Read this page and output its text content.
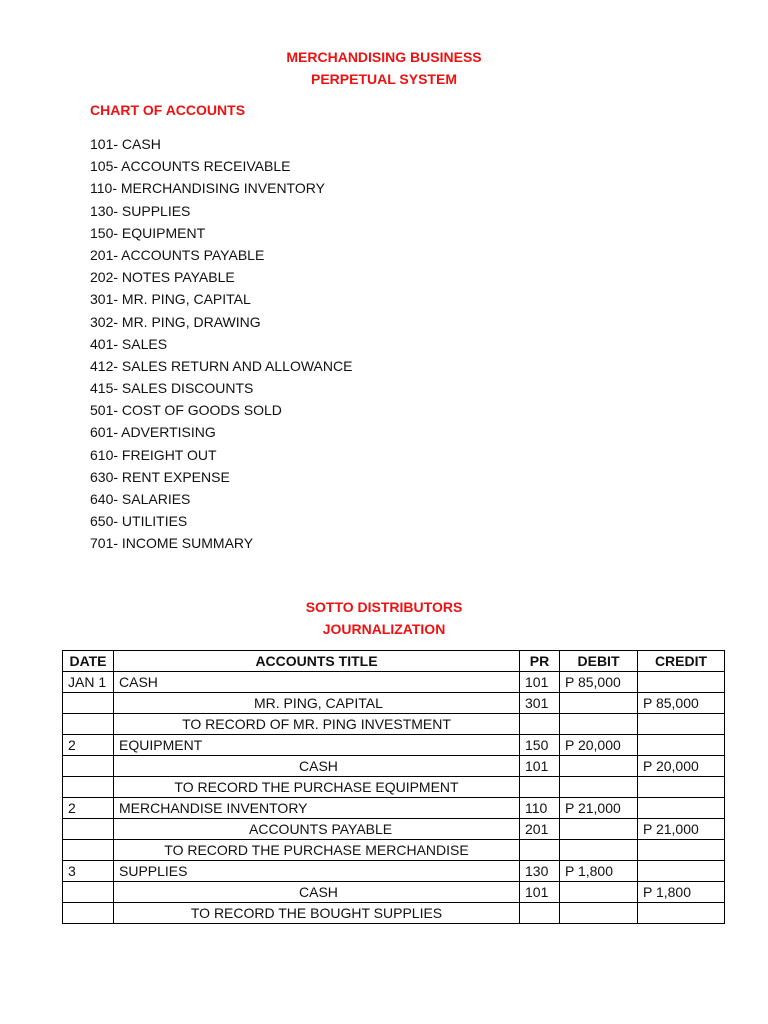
MERCHANDISING BUSINESS
PERPETUAL SYSTEM
CHART OF ACCOUNTS
101- CASH
105- ACCOUNTS RECEIVABLE
110- MERCHANDISING INVENTORY
130- SUPPLIES
150- EQUIPMENT
201- ACCOUNTS PAYABLE
202- NOTES PAYABLE
301- MR. PING, CAPITAL
302- MR. PING, DRAWING
401- SALES
412- SALES RETURN AND ALLOWANCE
415- SALES DISCOUNTS
501- COST OF GOODS SOLD
601- ADVERTISING
610- FREIGHT OUT
630- RENT EXPENSE
640- SALARIES
650- UTILITIES
701- INCOME SUMMARY
SOTTO DISTRIBUTORS
JOURNALIZATION
DATE	ACCOUNTS TITLE	PR	DEBIT	CREDIT
JAN 1	CASH	101	P 85,000	
	MR. PING, CAPITAL	301		P 85,000
	TO RECORD OF MR. PING INVESTMENT			
2	EQUIPMENT	150	P 20,000	
	CASH	101		P 20,000
	TO RECORD THE PURCHASE EQUIPMENT			
2	MERCHANDISE INVENTORY	110	P 21,000	
	ACCOUNTS PAYABLE	201		P 21,000
	TO RECORD THE PURCHASE MERCHANDISE			
3	SUPPLIES	130	P 1,800	
	CASH	101		P 1,800
	TO RECORD THE BOUGHT SUPPLIES			
